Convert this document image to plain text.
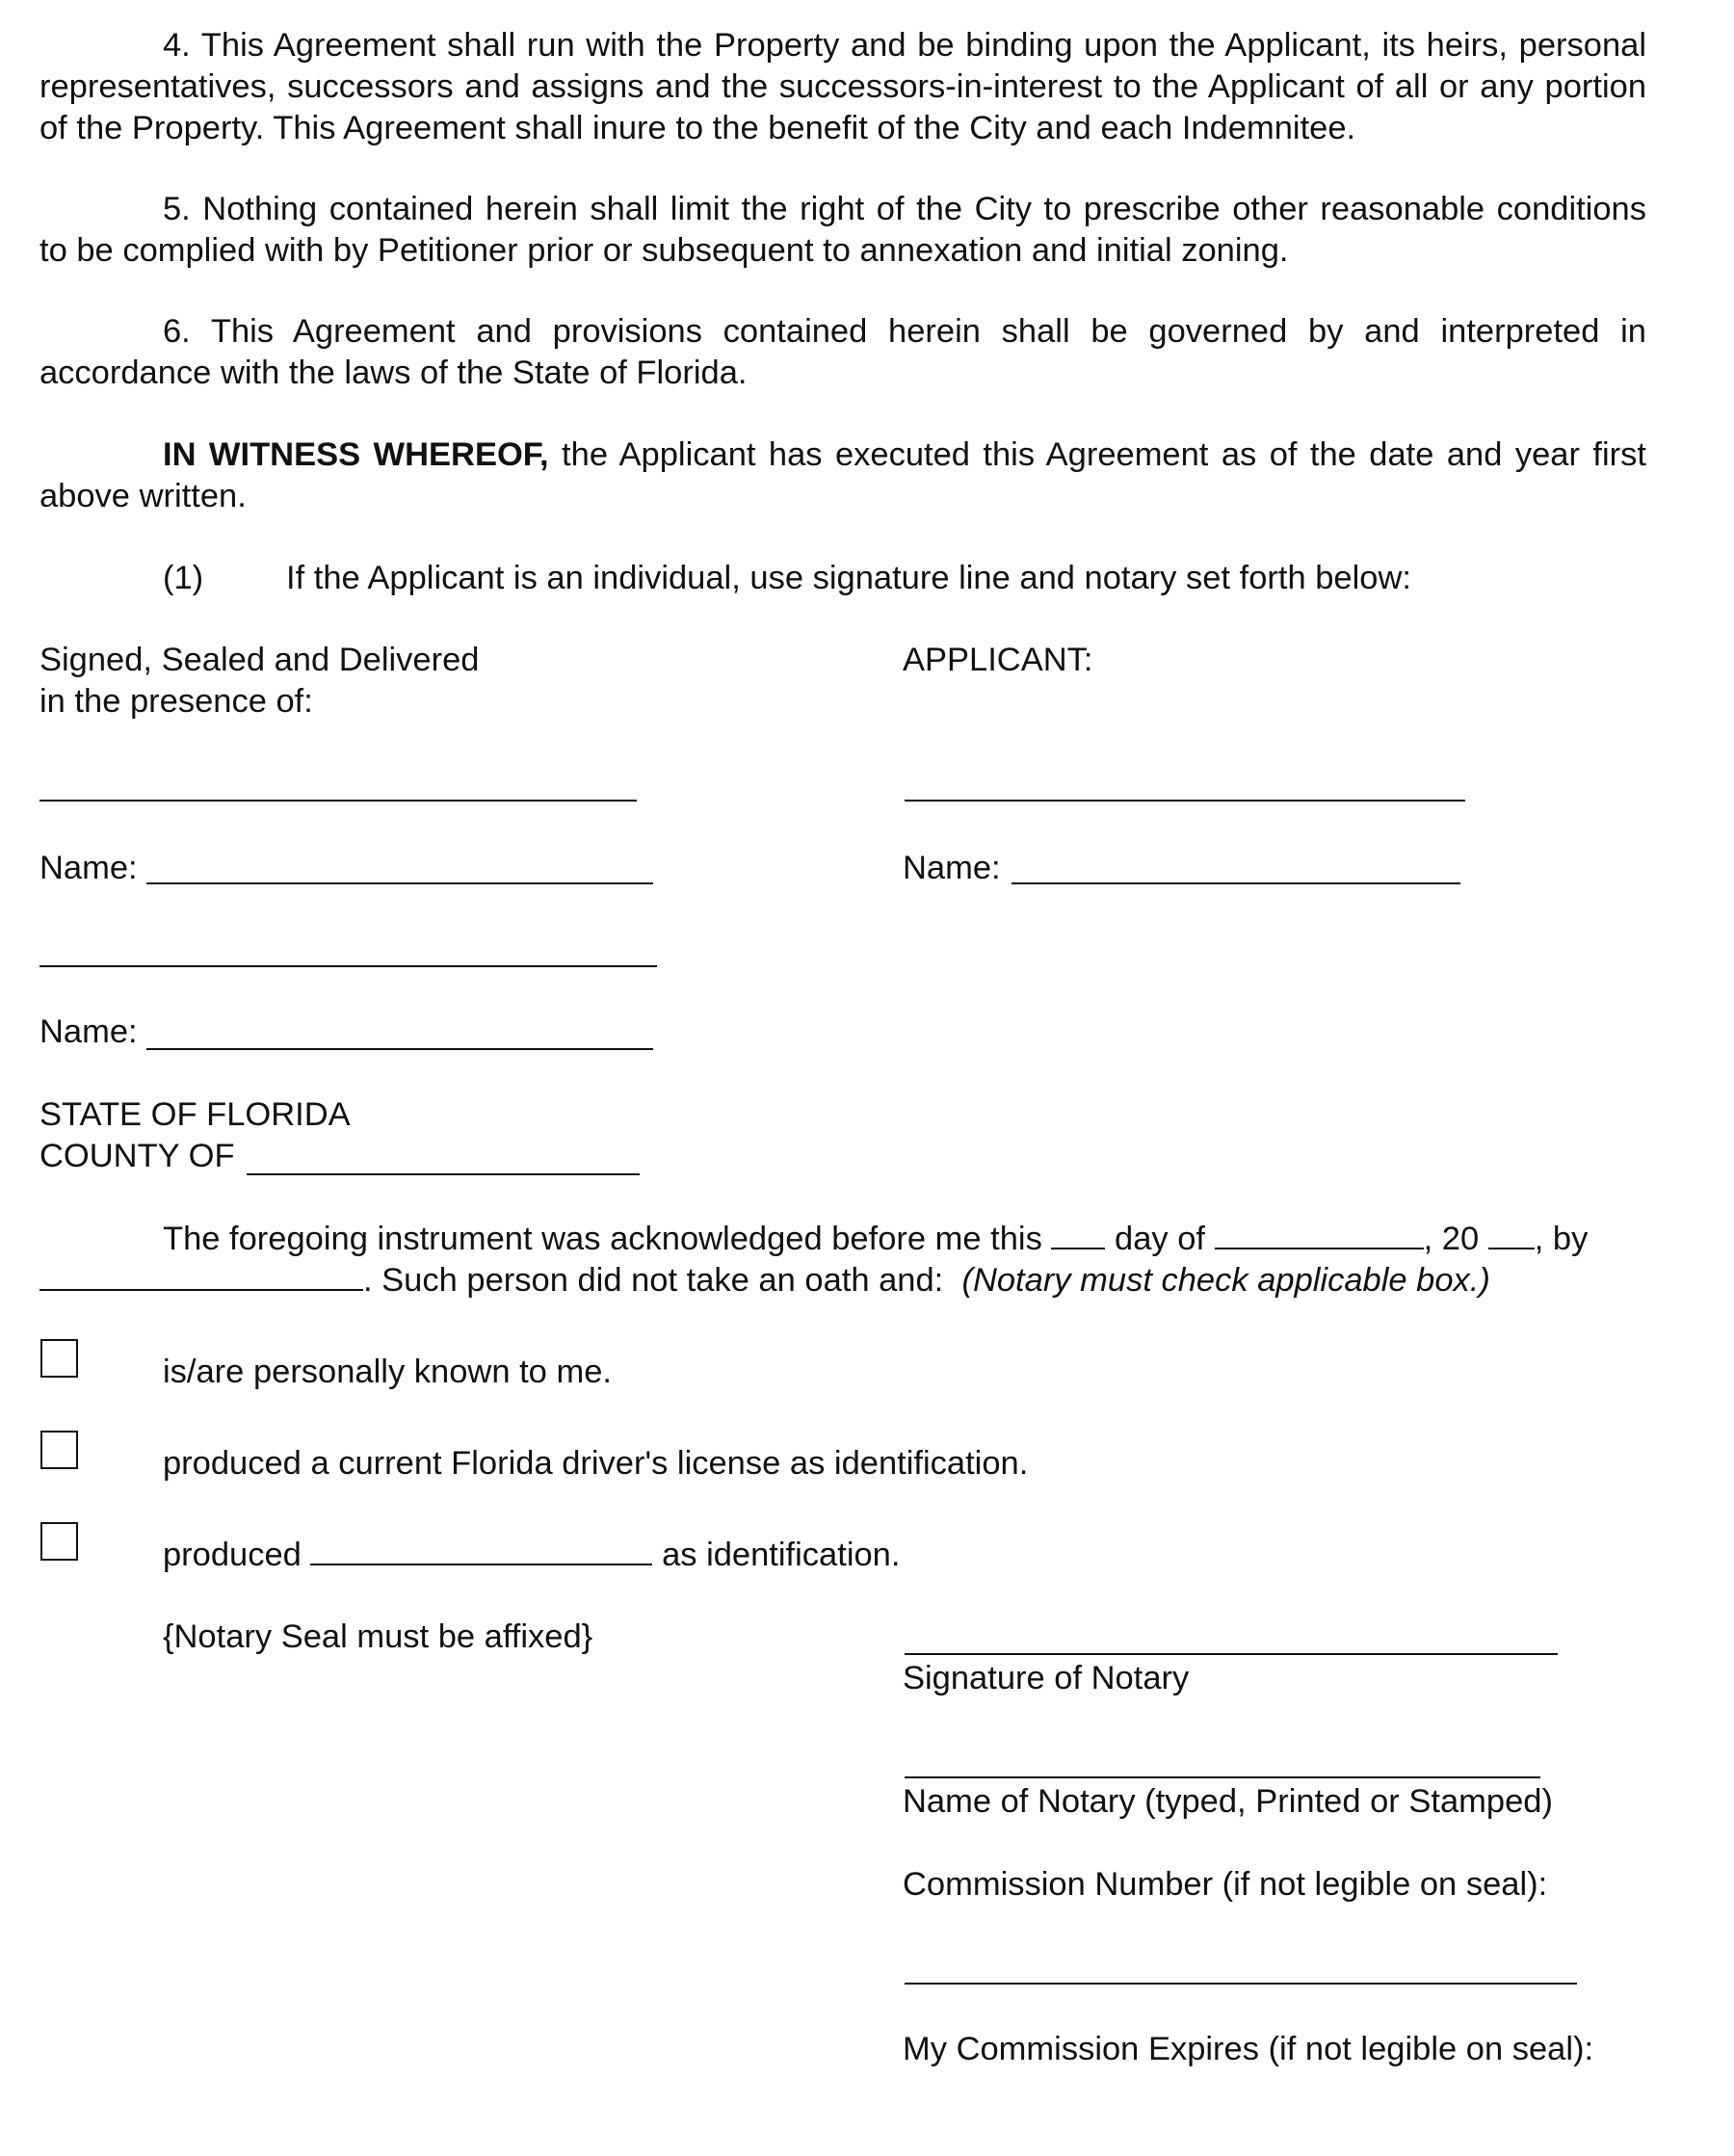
4. This Agreement shall run with the Property and be binding upon the Applicant, its heirs, personal
representatives, successors and assigns and the successors-in-interest to the Applicant of all or any portion
of the Property. This Agreement shall inure to the benefit of the City and each Indemnitee.
5. Nothing contained herein shall limit the right of the City to prescribe other reasonable conditions
to be complied with by Petitioner prior or subsequent to annexation and initial zoning.
6. This Agreement and provisions contained herein shall be governed by and interpreted in
accordance with the laws of the State of Florida.
IN WITNESS WHEREOF, the Applicant has executed this Agreement as of the date and year first
above written.
(1) If the Applicant is an individual, use signature line and notary set forth below:
Signed, Sealed and Delivered
in the presence of:
APPLICANT:
Name:	Name:
Name:
STATE OF FLORIDA
COUNTY OF
The foregoing instrument was acknowledged before me this day of	, 20 , by
. Such person did not take an oath and: (Notary must check applicable box.)
is/are personally known to me.
produced a current Florida driver's license as identification.
produced	as identification.
{Notary Seal must be affixed}
Signature of Notary
Name of Notary (typed, Printed or Stamped)
Commission Number (if not legible on seal):
My Commission Expires (if not legible on seal):
